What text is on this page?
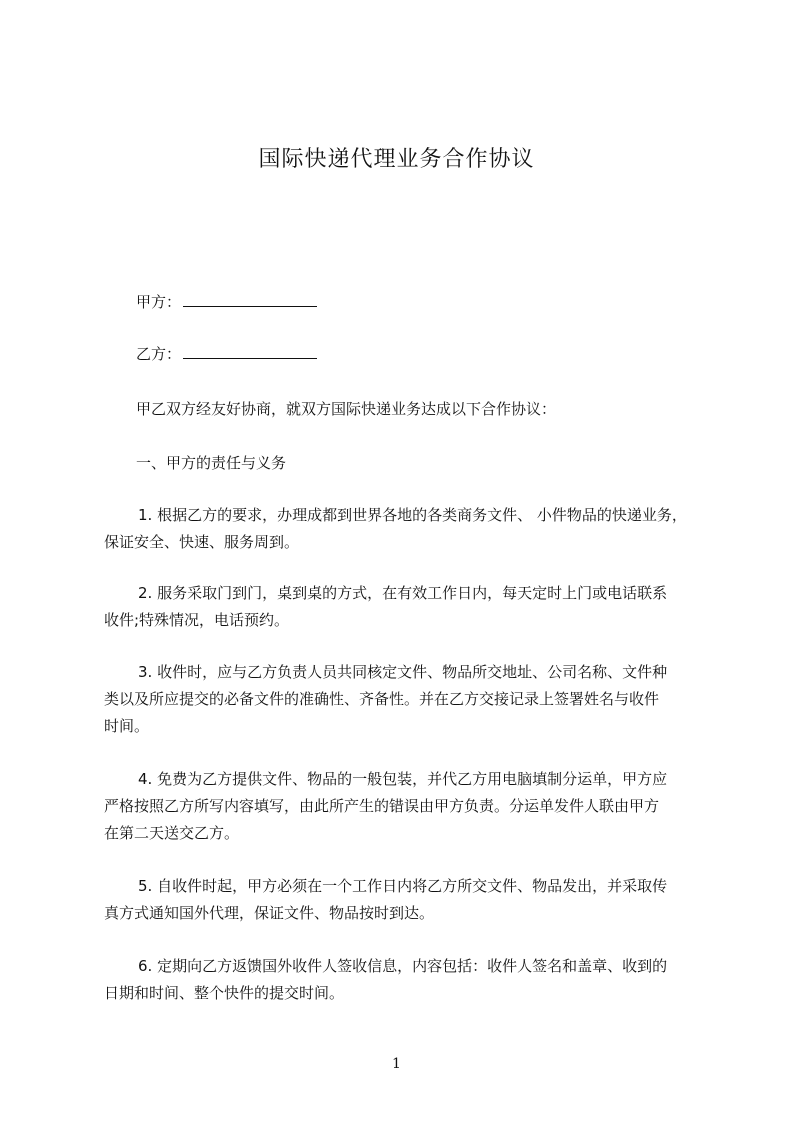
国际快递代理业务合作协议
甲方：
乙方：
甲乙双方经友好协商，就双方国际快递业务达成以下合作协议：
一、甲方的责任与义务
1. 根据乙方的要求，办理成都到世界各地的各类商务文件、 小件物品的快递业务，
保证安全、快速、服务周到。
2. 服务采取门到门，桌到桌的方式，在有效工作日内，每天定时上门或电话联系
收件;特殊情况，电话预约。
3. 收件时，应与乙方负责人员共同核定文件、物品所交地址、公司名称、文件种
类以及所应提交的必备文件的准确性、齐备性。并在乙方交接记录上签署姓名与收件
时间。
4. 免费为乙方提供文件、物品的一般包装，并代乙方用电脑填制分运单，甲方应
严格按照乙方所写内容填写，由此所产生的错误由甲方负责。分运单发件人联由甲方
在第二天送交乙方。
5. 自收件时起，甲方必须在一个工作日内将乙方所交文件、物品发出，并采取传
真方式通知国外代理，保证文件、物品按时到达。
6. 定期向乙方返馈国外收件人签收信息，内容包括：收件人签名和盖章、收到的
日期和时间、整个快件的提交时间。
1
